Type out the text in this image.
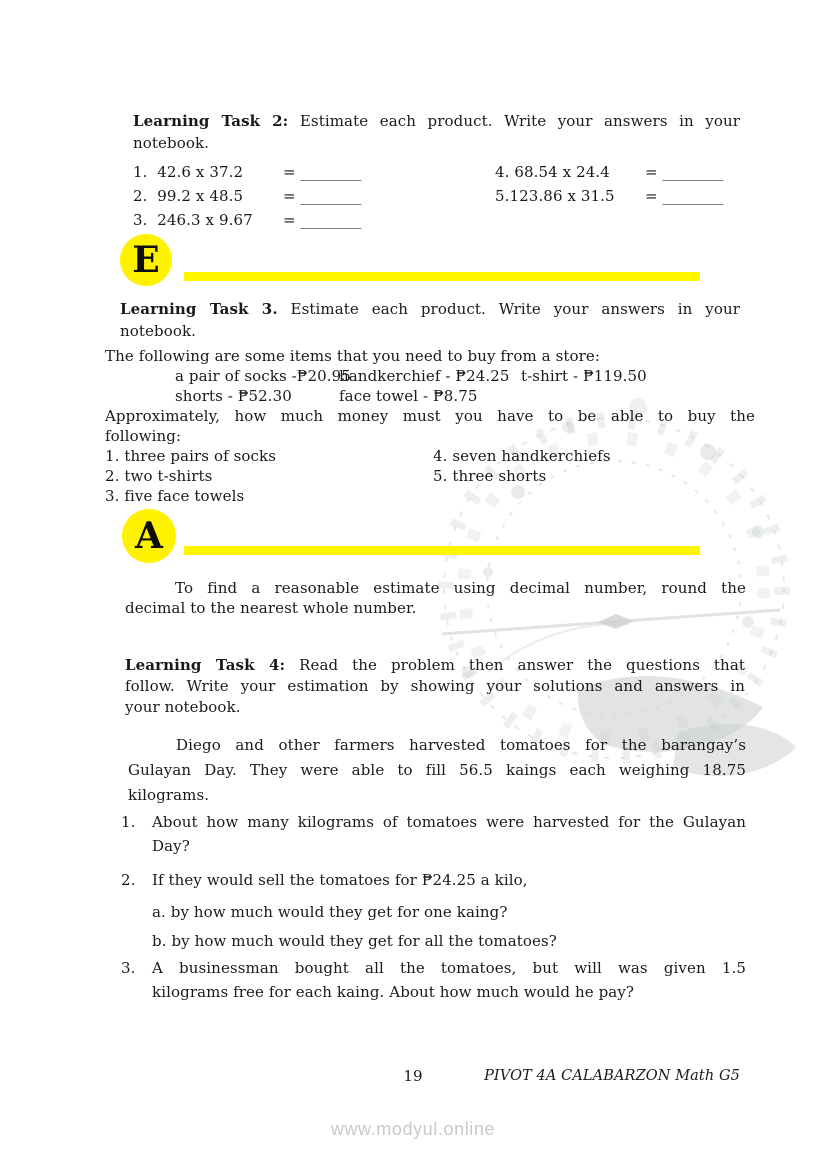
Learning Task 2: Estimate each product. Write your answers in your
notebook.
1.  42.6 x 37.2	= ________
2.  99.2 x 48.5	= ________
3.  246.3 x 9.67	= ________
4. 68.54 x 24.4	= ________
5.123.86 x 31.5	= ________
E
Learning Task 3. Estimate each product. Write your answers in your
notebook.
The following are some items that you need to buy from a store:
a pair of socks -₱20.95
handkerchief - ₱24.25 t-shirt - ₱119.50
shorts - ₱52.30	face towel - ₱8.75
Approximately, how much money must you have to be able to buy the
following:
1. three pairs of socks
2. two t-shirts
3. five face towels
4. seven handkerchiefs
5. three shorts
A
To find a reasonable estimate using decimal number, round the
decimal to the nearest whole number.
Learning Task 4: Read the problem then answer the questions that
follow. Write your estimation by showing your solutions and answers in
your notebook.
Diego and other farmers harvested tomatoes for the barangay’s
Gulayan Day. They were able to fill 56.5 kaings each weighing 18.75
kilograms.
1.	About how many kilograms of tomatoes were harvested for the Gulayan
Day?
2.	If they would sell the tomatoes for ₱24.25 a kilo,
a. by how much would they get for one kaing?
b. by how much would they get for all the tomatoes?
3.	A businessman bought all the tomatoes, but will was given 1.5
kilograms free for each kaing. About how much would he pay?
19	PIVOT 4A CALABARZON Math G5
www.modyul.online
